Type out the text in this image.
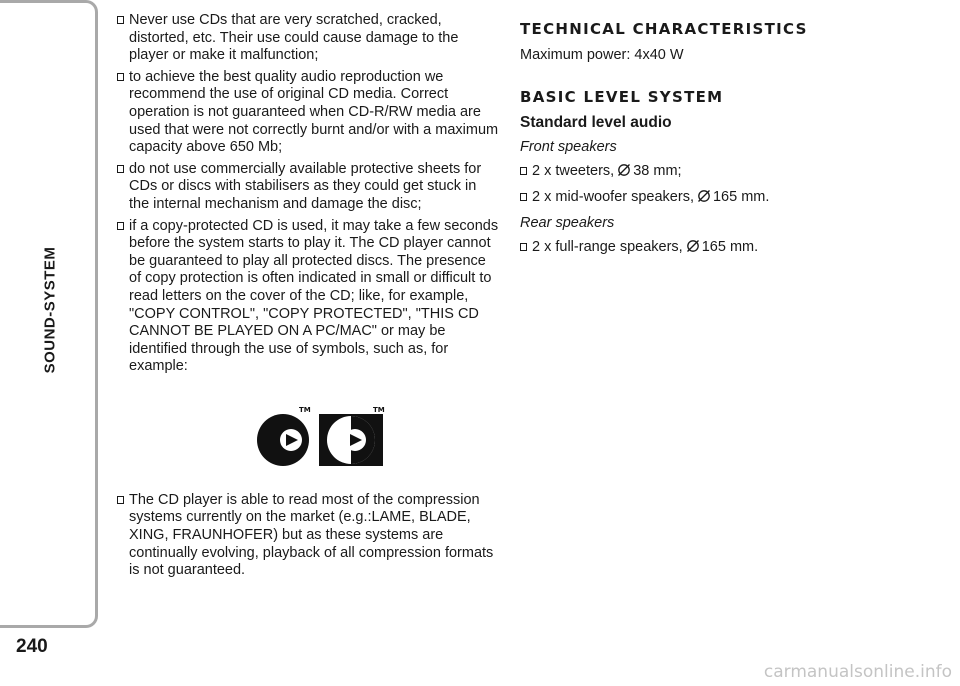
SOUND-SYSTEM
240
Never use CDs that are very scratched, cracked, distorted, etc. Their use could cause damage to the player or make it malfunction;
to achieve the best quality audio reproduction we recommend the use of original CD media. Correct operation is not guaranteed when CD-R/RW media are used that were not correctly burnt and/or with a maximum capacity above 650 Mb;
do not use commercially available protective sheets for CDs or discs with stabilisers as they could get stuck in the internal mechanism and damage the disc;
if a copy-protected CD is used, it may take a few seconds before the system starts to play it. The CD player cannot be guaranteed to play all protected discs. The presence of copy protection is often indicated in small or difficult to read letters on the cover of the CD; like, for example, "COPY CONTROL", "COPY PROTECTED", "THIS CD CANNOT BE PLAYED ON A PC/MAC" or may be identified through the use of symbols, such as, for example:
TM	TM
The CD player is able to read most of the compression systems currently on the market (e.g.:LAME, BLADE, XING, FRAUNHOFER) but as these systems are continually evolving, playback of all compression formats is not guaranteed.
TECHNICAL CHARACTERISTICS
Maximum power: 4x40 W
BASIC LEVEL SYSTEM
Standard level audio
Front speakers
2 x tweeters, 38 mm;
2 x mid-woofer speakers, 165 mm.
Rear speakers
2 x full-range speakers, 165 mm.
carmanualsonline.info
